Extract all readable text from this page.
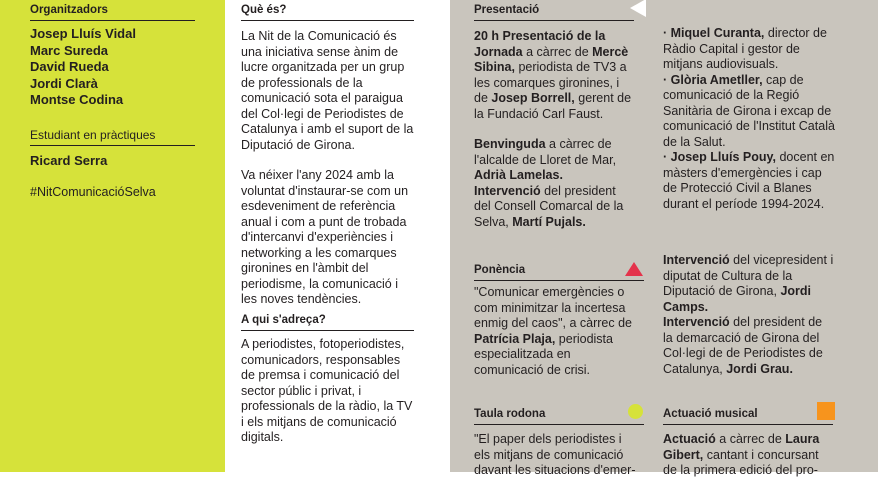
Organitzadors
Josep Lluís Vidal
Marc Sureda
David Rueda
Jordi Clarà
Montse Codina
Estudiant en pràctiques
Ricard Serra
#NitComunicacióSelva
Què és?
La Nit de la Comunicació és una iniciativa sense ànim de lucre organitzada per un grup de professionals de la comunicació sota el paraigua del Col·legi de Periodistes de Catalunya i amb el suport de la Diputació de Girona.
Va néixer l'any 2024 amb la voluntat d'instaurar-se com un esdeveniment de referència anual i com a punt de trobada d'intercanvi d'experiències i networking a les comarques gironines en l'àmbit del periodisme, la comunicació i les noves tendències.
A qui s'adreça?
A periodistes, fotoperiodistes, comunicadors, responsables de premsa i comunicació del sector públic i privat, i professionals de la ràdio, la TV i els mitjans de comunicació digitals.
Presentació
20 h Presentació de la Jornada a càrrec de Mercè Sibina, periodista de TV3 a les comarques gironines, i de Josep Borrell, gerent de la Fundació Carl Faust.
Benvinguda a càrrec de l'alcalde de Lloret de Mar, Adrià Lamelas.
Intervenció del president del Consell Comarcal de la Selva, Martí Pujals.
Ponència
"Comunicar emergències o com minimitzar la incertesa enmig del caos", a càrrec de Patrícia Plaja, periodista especialitzada en comunicació de crisi.
Taula rodona
"El paper dels periodistes i els mitjans de comunicació davant les situacions d'emer-
· Miquel Curanta, director de Ràdio Capital i gestor de mitjans audiovisuals.
· Glòria Ametller, cap de comunicació de la Regió Sanitària de Girona i excap de comunicació de l'Institut Català de la Salut.
· Josep Lluís Pouy, docent en màsters d'emergències i cap de Protecció Civil a Blanes durant el període 1994-2024.
Intervenció del vicepresident i diputat de Cultura de la Diputació de Girona, Jordi Camps.
Intervenció del president de la demarcació de Girona del Col·legi de de Periodistes de Catalunya, Jordi Grau.
Actuació musical
Actuació a càrrec de Laura Gibert, cantant i concursant de la primera edició del pro-
